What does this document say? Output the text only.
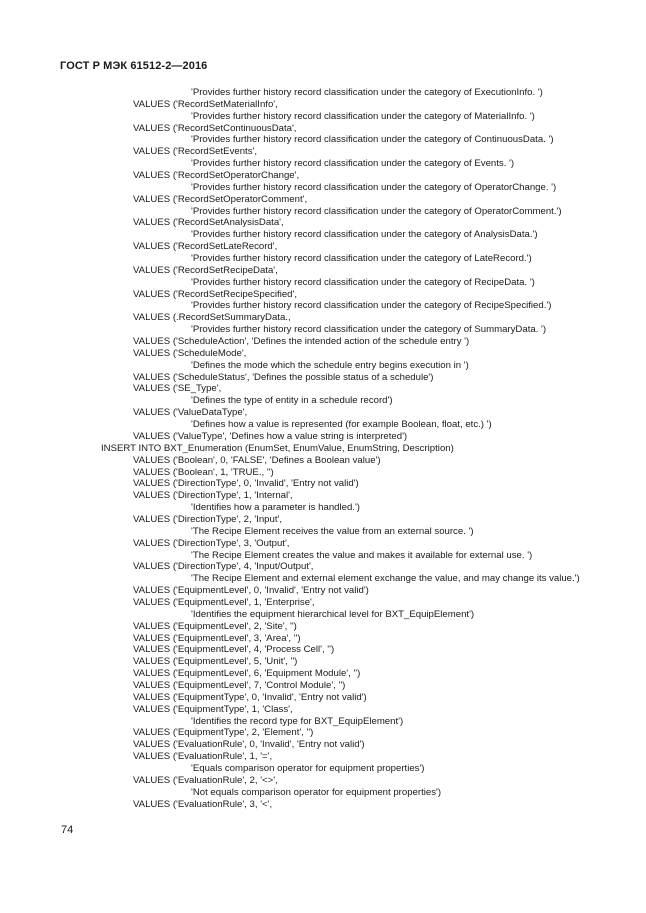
ГОСТ Р МЭК 61512-2—2016
'Provides further history record classification under the category of ExecutionInfo. ')
VALUES ('RecordSetMaterialInfo',
'Provides further history record classification under the category of MaterialInfo. ')
VALUES ('RecordSetContinuousData',
'Provides further history record classification under the category of ContinuousData. ')
VALUES ('RecordSetEvents',
'Provides further history record classification under the category of Events. ')
VALUES ('RecordSetOperatorChange',
'Provides further history record classification under the category of OperatorChange. ')
VALUES ('RecordSetOperatorComment',
'Provides further history record classification under the category of OperatorComment.')
VALUES ('RecordSetAnalysisData',
'Provides further history record classification under the category of AnalysisData.')
VALUES ('RecordSetLateRecord',
'Provides further history record classification under the category of LateRecord.')
VALUES ('RecordSetRecipeData',
'Provides further history record classification under the category of RecipeData. ')
VALUES ('RecordSetRecipeSpecified',
'Provides further history record classification under the category of RecipeSpecified.')
VALUES (.RecordSetSummaryData.,
'Provides further history record classification under the category of SummaryData. ')
VALUES ('ScheduleAction', 'Defines the intended action of the schedule entry ')
VALUES ('ScheduleMode',
'Defines the mode which the schedule entry begins execution in ')
VALUES ('ScheduleStatus', 'Defines the possible status of a schedule')
VALUES ('SE_Type',
'Defines the type of entity in a schedule record')
VALUES ('ValueDataType',
'Defines how a value is represented (for example Boolean, float, etc.) ')
VALUES ('ValueType', 'Defines how a value string is interpreted')
INSERT INTO BXT_Enumeration (EnumSet, EnumValue, EnumString, Description)
VALUES ('Boolean', 0, 'FALSE', 'Defines a Boolean value')
VALUES ('Boolean', 1, 'TRUE., '')
VALUES ('DirectionType', 0, 'Invalid', 'Entry not valid')
VALUES ('DirectionType', 1, 'Internal',
'Identifies how a parameter is handled.')
VALUES ('DirectionType', 2, 'Input',
'The Recipe Element receives the value from an external source. ')
VALUES ('DirectionType', 3, 'Output',
'The Recipe Element creates the value and makes it available for external use. ')
VALUES ('DirectionType', 4, 'Input/Output',
'The Recipe Element and external element exchange the value, and may change its value.')
VALUES ('EquipmentLevel', 0, 'Invalid', 'Entry not valid')
VALUES ('EquipmentLevel', 1, 'Enterprise',
'Identifies the equipment hierarchical level for BXT_EquipElement')
VALUES ('EquipmentLevel', 2, 'Site', '')
VALUES ('EquipmentLevel', 3, 'Area', '')
VALUES ('EquipmentLevel', 4, 'Process Cell', '')
VALUES ('EquipmentLevel', 5, 'Unit', '')
VALUES ('EquipmentLevel', 6, 'Equipment Module', '')
VALUES ('EquipmentLevel', 7, 'Control Module', '')
VALUES ('EquipmentType', 0, 'Invalid', 'Entry not valid')
VALUES ('EquipmentType', 1, 'Class',
'Identifies the record type for BXT_EquipElement')
VALUES ('EquipmentType', 2, 'Element', '')
VALUES ('EvaluationRule', 0, 'Invalid', 'Entry not valid')
VALUES ('EvaluationRule', 1, '=',
'Equals comparison operator for equipment properties')
VALUES ('EvaluationRule', 2, '<>',
'Not equals comparison operator for equipment properties')
VALUES ('EvaluationRule', 3, '<',
74
